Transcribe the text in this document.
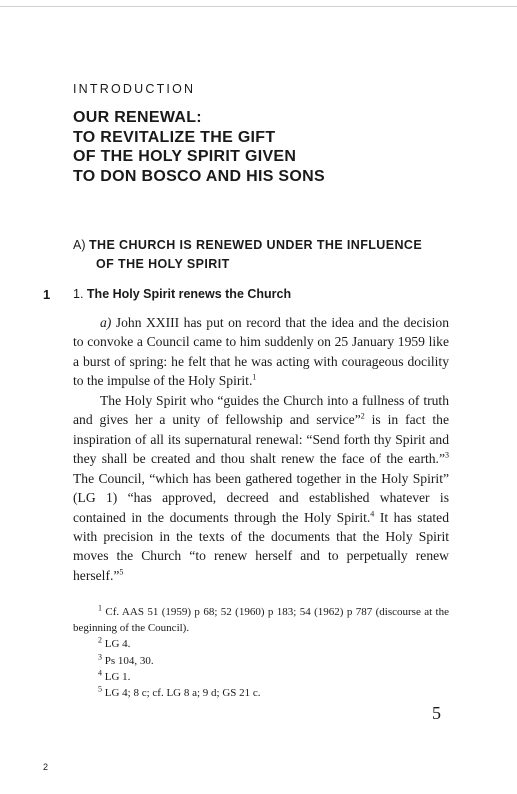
INTRODUCTION
OUR RENEWAL:
TO REVITALIZE THE GIFT
OF THE HOLY SPIRIT GIVEN
TO DON BOSCO AND HIS SONS
A) THE CHURCH IS RENEWED UNDER THE INFLUENCE
OF THE HOLY SPIRIT
1 1. The Holy Spirit renews the Church

a) John XXIII has put on record that the idea and the decision to convoke a Council came to him suddenly on 25 January 1959 like a burst of spring: he felt that he was acting with courageous docility to the impulse of the Holy Spirit.$^1$

The Holy Spirit who “guides the Church into a fullness of truth and gives her a unity of fellowship and service”$^2$ is in fact the inspiration of all its supernatural renewal: “Send forth thy Spirit and they shall be created and thou shalt renew the face of the earth.”$^3$ The Council, “which has been gathered together in the Holy Spirit” (LG 1) “has approved, decreed and established whatever is contained in the documents through the Holy Spirit.$^4$ It has stated with precision in the texts of the documents that the Holy Spirit moves the Church “to renew herself and to perpetually renew herself.”$^5$

$^1$ Cf. AAS 51 (1959) p 68; 52 (1960) p 183; 54 (1962) p 787 (discourse at the beginning of the Council).
$^2$ LG 4.
$^3$ Ps 104, 30.
$^4$ LG 1.
$^5$ LG 4; 8 c; cf. LG 8 a; 9 d; GS 21 c.
5
2
